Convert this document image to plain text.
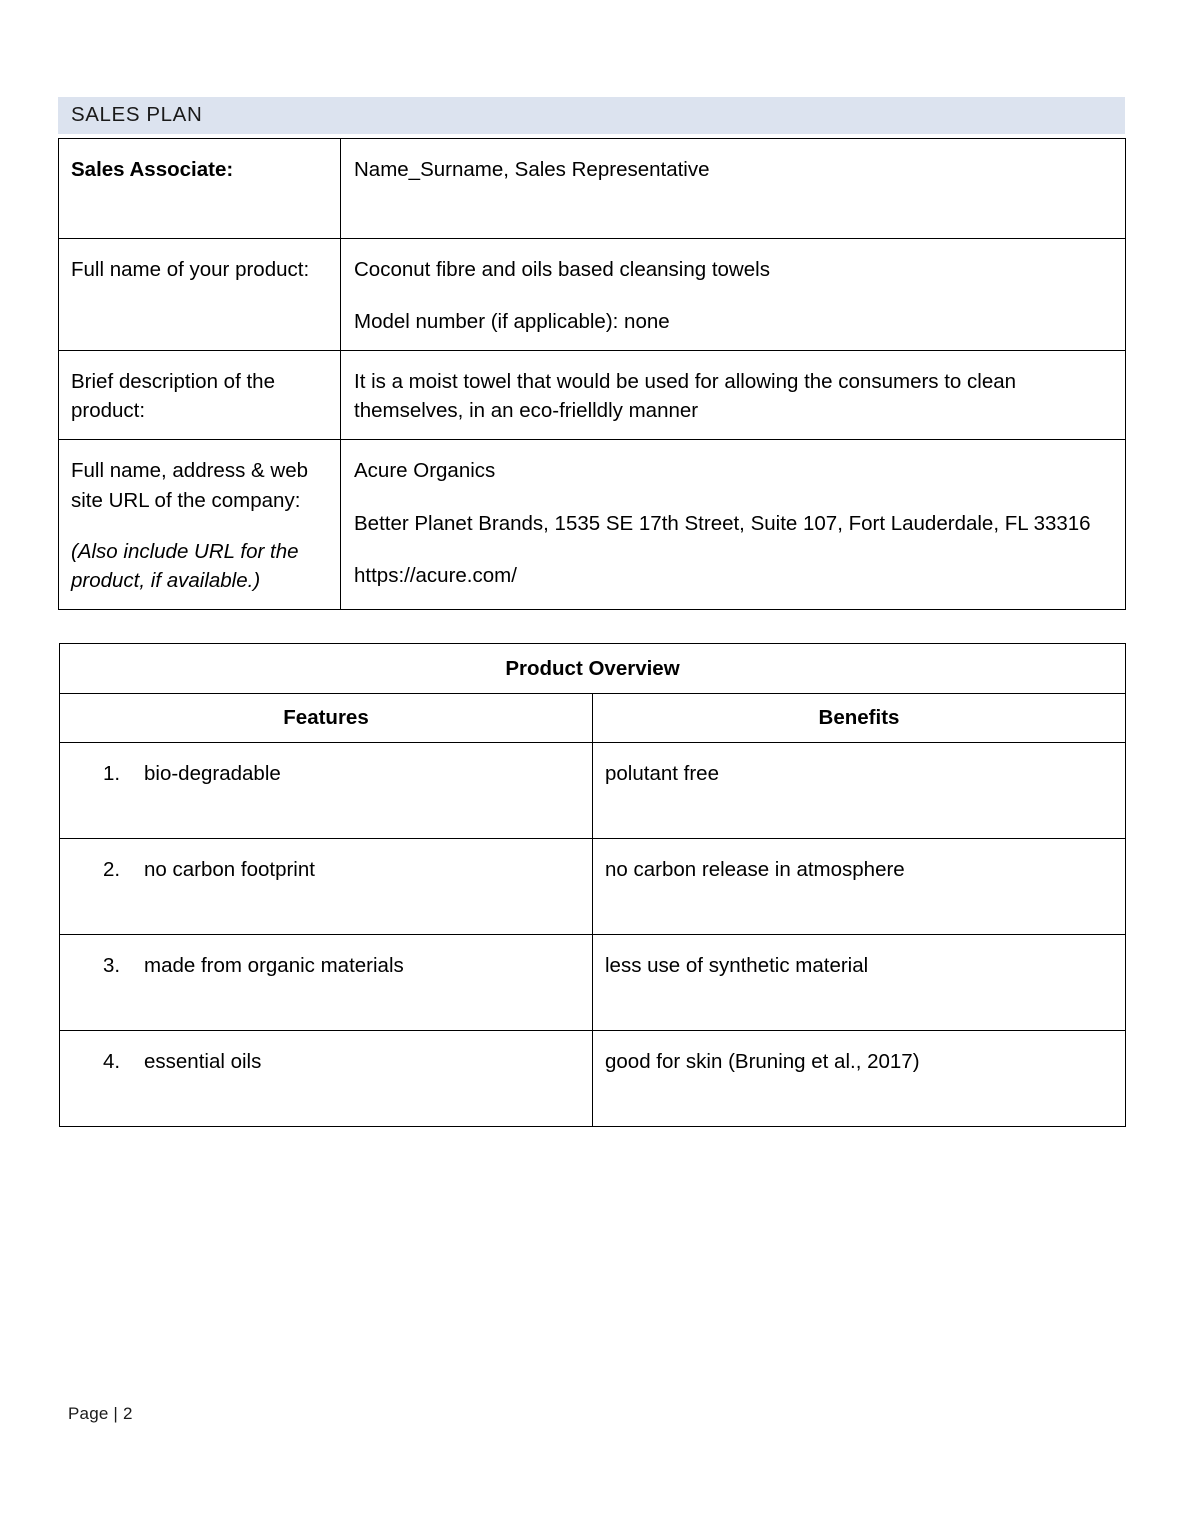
SALES PLAN
Sales Associate:	Name_Surname, Sales Representative

Full name of your product:	Coconut fibre and oils based cleansing towels
Model number (if applicable): none

Brief description of the product:	It is a moist towel that would be used for allowing the consumers to clean themselves, in an eco-frielldly manner

Full name, address & web site URL of the company:
(Also include URL for the product, if available.)	Acure Organics
Better Planet Brands, 1535 SE 17th Street, Suite 107, Fort Lauderdale, FL 33316
https://acure.com/
Product Overview	
Features	Benefits

1. bio-degradable	polutant free

2. no carbon footprint	no carbon release in atmosphere

3. made from organic materials	less use of synthetic material

4. essential oils	good for skin (Bruning et al., 2017)
Page | 2
